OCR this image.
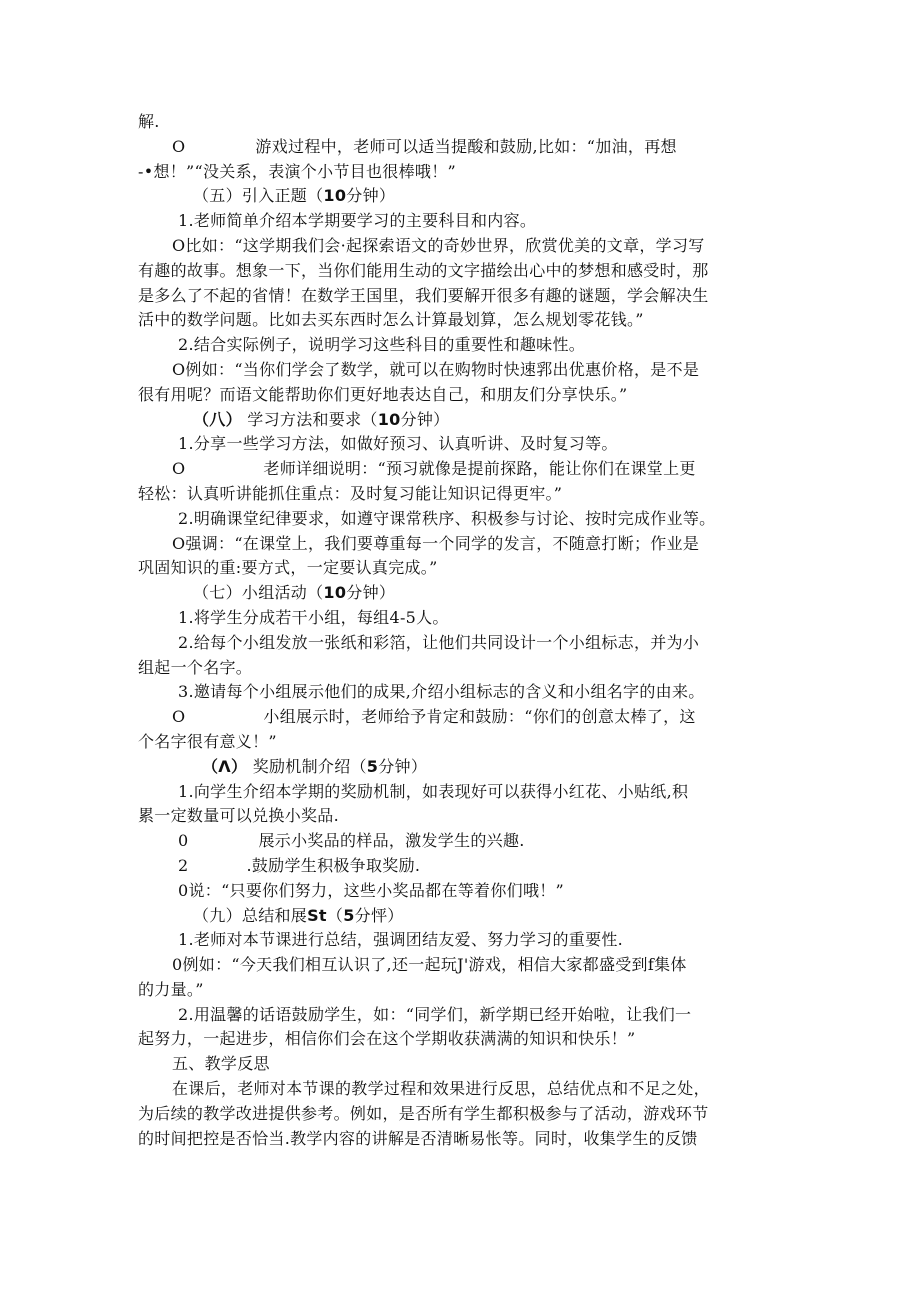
解.
O	游戏过程中，老师可以适当提酸和鼓励,比如：“加油，再想
-•想！”“没关系，表演个小节目也很棒哦！”
（五）引入正题（10分钟）
1.老师简单介绍本学期要学习的主要科目和内容。
O比如：“这学期我们会·起探索语文的奇妙世界，欣赏优美的文章，学习写
有趣的故事。想象一下，当你们能用生动的文字描绘出心中的梦想和感受时，那
是多么了不起的省情！在数学王国里，我们要解开很多有趣的谜题，学会解决生
活中的数学问题。比如去买东西时怎么计算最划算，怎么规划零花钱。”
2.结合实际例子，说明学习这些科目的重要性和趣味性。
O例如：“当你们学会了数学，就可以在购物时快速郛出优惠价格，是不是
很有用呢？而语文能帮助你们更好地表达自己，和朋友们分享快乐。”
（八） 学习方法和要求（10分钟）
1.分享一些学习方法，如做好预习、认真听讲、及时复习等。
O	老师详细说明：“预习就像是提前探路，能让你们在课堂上更
轻松：认真听讲能抓住重点：及时复习能让知识记得更牢。”
2.明确课堂纪律要求，如遵守课常秩序、积极参与讨论、按时完成作业等。
O强调：“在课堂上，我们要尊重每一个同学的发言，不随意打断；作业是
巩固知识的重:要方式，一定要认真完成。”
（七）小组活动（10分钟）
1.将学生分成若干小组，每组4-5人。
2.给每个小组发放一张纸和彩箔，让他们共同设计一个小组标志，并为小
组起一个名字。
3.邀请每个小组展示他们的成果,介绍小组标志的含义和小组名字的由来。
O	小组展示时，老师给予肯定和鼓励：“你们的创意太棒了，这
个名字很有意义！”
（Λ） 奖励机制介绍（5分钟）
1.向学生介绍本学期的奖励机制，如表现好可以获得小红花、小贴纸,积
累一定数量可以兑换小奖品.
0	展示小奖品的样品，激发学生的兴趣.
2	.鼓励学生积极争取奖励.
0说：“只要你们努力，这些小奖品都在等着你们哦！”
（九）总结和展St（5分怦）
1.老师对本节课进行总结，强调团结友爱、努力学习的重要性.
0例如：“今天我们相互认识了,还一起玩J'游戏，相信大家都盛受到f集体
的力量。”
2.用温馨的话语鼓励学生，如：“同学们，新学期已经开始啦，让我们一
起努力，一起进步，相信你们会在这个学期收获满满的知识和快乐！”
五、教学反思
在课后，老师对本节课的教学过程和效果进行反思，总结优点和不足之处，
为后续的教学改进提供参考。例如，是否所有学生都积极参与了活动，游戏环节
的时间把控是否恰当.教学内容的讲解是否清晰易怅等。同时，收集学生的反馈
